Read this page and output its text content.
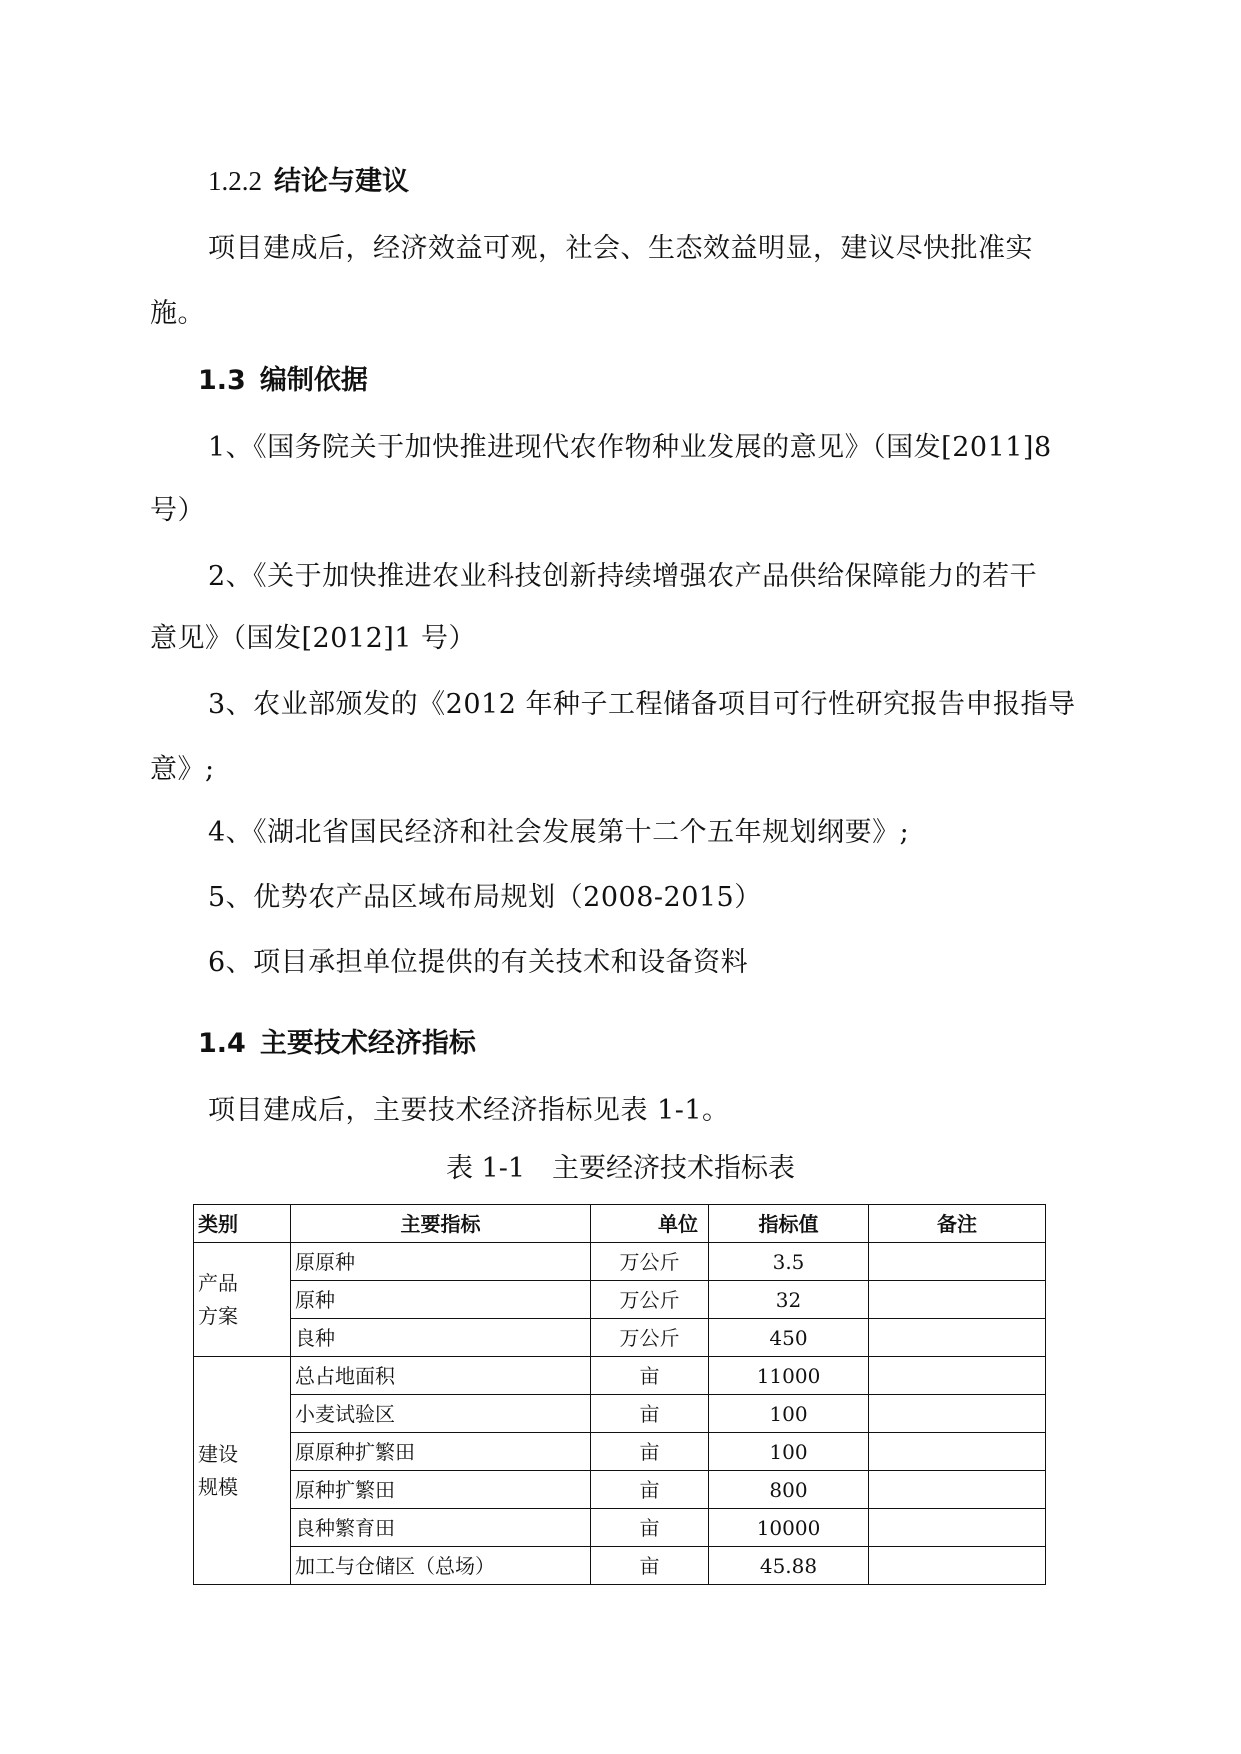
1.2.2 结论与建议
项目建成后，经济效益可观，社会、生态效益明显，建议尽快批准实
施。
1.3 编制依据
1、《国务院关于加快推进现代农作物种业发展的意见》（国发[2011]8
号）
2、《关于加快推进农业科技创新持续增强农产品供给保障能力的若干
意见》（国发[2012]1 号）
3、农业部颁发的《2012 年种子工程储备项目可行性研究报告申报指导
意》;
4、《湖北省国民经济和社会发展第十二个五年规划纲要》;
5、优势农产品区域布局规划（2008-2015）
6、项目承担单位提供的有关技术和设备资料
1.4 主要技术经济指标
项目建成后，主要技术经济指标见表 1-1。
表 1-1　主要经济技术指标表
类别	主要指标	单位	指标值	备注

产品方案	原原种	万公斤	3.5	
	原种	万公斤	32	
	良种	万公斤	450	

建设规模	总占地面积	亩	11000	
	小麦试验区	亩	100	
	原原种扩繁田	亩	100	
	原种扩繁田	亩	800	
	良种繁育田	亩	10000	
	加工与仓储区（总场）	亩	45.88	
